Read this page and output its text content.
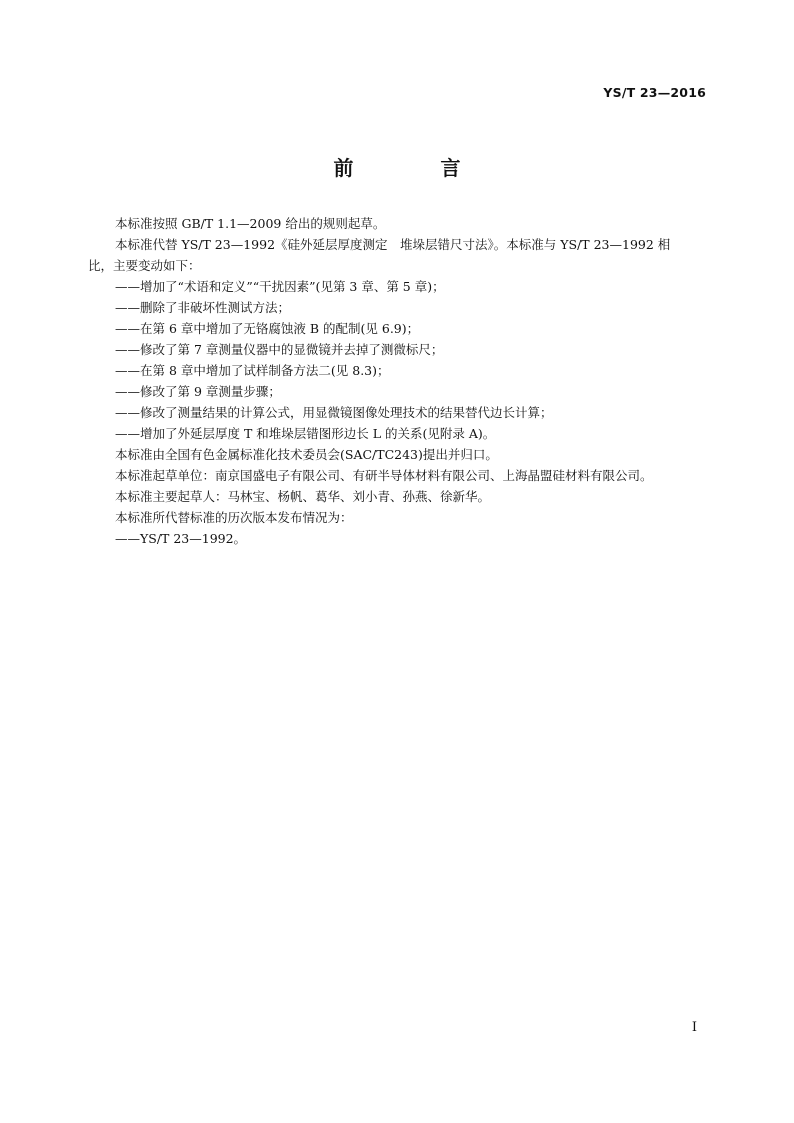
YS/T 23—2016
前 言

本标准按照 GB/T 1.1—2009 给出的规则起草。

本标准代替 YS/T 23—1992《硅外延层厚度测定　堆垛层错尺寸法》。本标准与 YS/T 23—1992 相

比，主要变动如下：

——增加了“术语和定义”“干扰因素”(见第 3 章、第 5 章)；

——删除了非破坏性测试方法；

——在第 6 章中增加了无铬腐蚀液 B 的配制(见 6.9)；

——修改了第 7 章测量仪器中的显微镜并去掉了测微标尺；

——在第 8 章中增加了试样制备方法二(见 8.3)；

——修改了第 9 章测量步骤；

——修改了测量结果的计算公式，用显微镜图像处理技术的结果替代边长计算；

——增加了外延层厚度 T 和堆垛层错图形边长 L 的关系(见附录 A)。

本标准由全国有色金属标准化技术委员会(SAC/TC243)提出并归口。

本标准起草单位：南京国盛电子有限公司、有研半导体材料有限公司、上海晶盟硅材料有限公司。

本标准主要起草人：马林宝、杨帆、葛华、刘小青、孙燕、徐新华。

本标准所代替标准的历次版本发布情况为：

——YS/T 23—1992。

I
